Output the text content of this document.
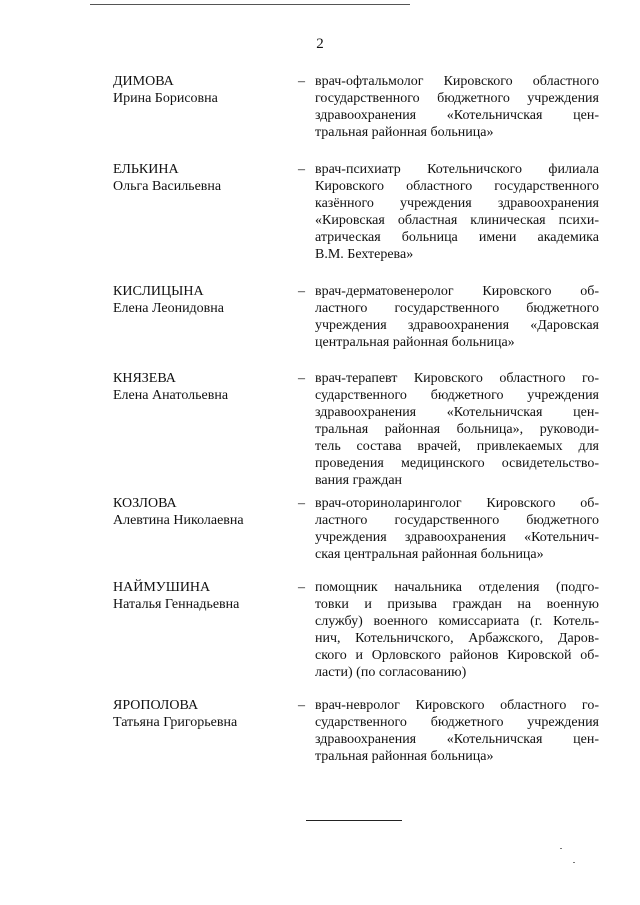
2
ДИМОВА
Ирина Борисовна
– врач-офтальмолог Кировского областного
государственного бюджетного учреждения
здравоохранения «Котельничская цен-
тральная районная больница»
ЕЛЬКИНА
Ольга Васильевна
– врач-психиатр Котельничского филиала
Кировского областного государственного
казённого учреждения здравоохранения
«Кировская областная клиническая психи-
атрическая больница имени академика
В.М. Бехтерева»
КИСЛИЦЫНА
Елена Леонидовна
– врач-дерматовенеролог Кировского об-
ластного государственного бюджетного
учреждения здравоохранения «Даровская
центральная районная больница»
КНЯЗЕВА
Елена Анатольевна
– врач-терапевт Кировского областного го-
сударственного бюджетного учреждения
здравоохранения «Котельничская цен-
тральная районная больница», руководи-
тель состава врачей, привлекаемых для
проведения медицинского освидетельство-
вания граждан
КОЗЛОВА
Алевтина Николаевна
– врач-оториноларинголог Кировского об-
ластного государственного бюджетного
учреждения здравоохранения «Котельнич-
ская центральная районная больница»
НАЙМУШИНА
Наталья Геннадьевна
– помощник начальника отделения (подго-
товки и призыва граждан на военную
службу) военного комиссариата (г. Котель-
нич, Котельничского, Арбажского, Даров-
ского и Орловского районов Кировской об-
ласти) (по согласованию)
ЯРОПОЛОВА
Татьяна Григорьевна
– врач-невролог Кировского областного го-
сударственного бюджетного учреждения
здравоохранения «Котельничская цен-
тральная районная больница»
